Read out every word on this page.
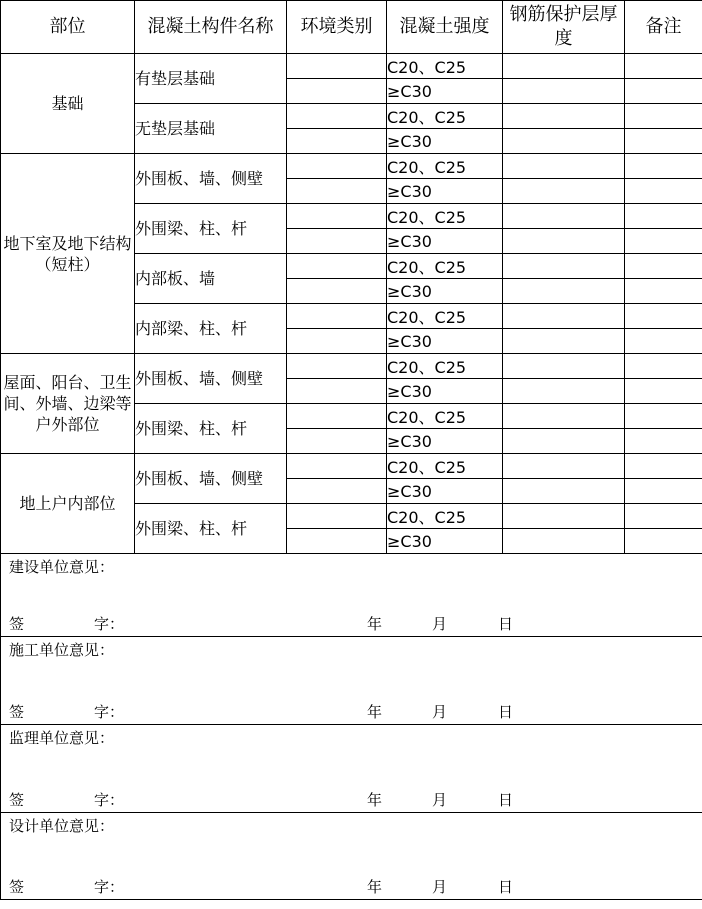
部位	混凝土构件名称	环境类别	混凝土强度	钢筋保护层厚度	备注
基础	有垫层基础		C20、C25		
			≥C30		
	无垫层基础		C20、C25		
			≥C30		
地下室及地下结构（短柱）	外围板、墙、侧壁		C20、C25		
			≥C30		
	外围梁、柱、杆		C20、C25		
			≥C30		
	内部板、墙		C20、C25		
			≥C30		
	内部梁、柱、杆		C20、C25		
			≥C30		
屋面、阳台、卫生间、外墙、边梁等户外部位	外围板、墙、侧壁		C20、C25		
			≥C30		
	外围梁、柱、杆		C20、C25		
			≥C30		
地上户内部位	外围板、墙、侧壁		C20、C25		
			≥C30		
	外围梁、柱、杆		C20、C25		
			≥C30		

建设单位意见：
签 字： 年 月 日					

施工单位意见：
签 字： 年 月 日					

监理单位意见：
签 字： 年 月 日					

设计单位意见：
签 字： 年 月 日					
